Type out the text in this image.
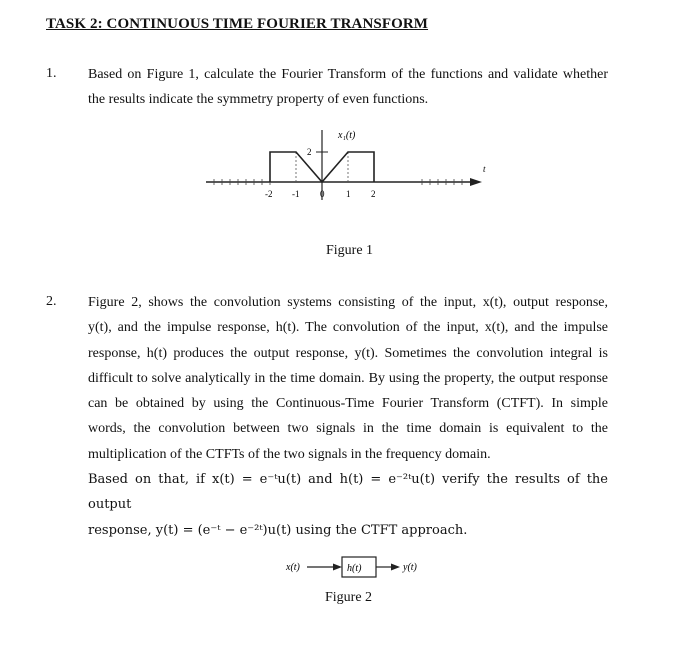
TASK 2: CONTINUOUS TIME FOURIER TRANSFORM
1. Based on Figure 1, calculate the Fourier Transform of the functions and validate whether
the results indicate the symmetry property of even functions.
x₁(t)
2
t
-2 -1 0 1 2
Figure 1
2. Figure 2, shows the convolution systems consisting of the input, x(t), output response,
y(t), and the impulse response, h(t). The convolution of the input, x(t), and the impulse
response, h(t) produces the output response, y(t). Sometimes the convolution integral is
difficult to solve analytically in the time domain. By using the property, the output response
can be obtained by using the Continuous-Time Fourier Transform (CTFT). In simple
words, the convolution between two signals in the time domain is equivalent to the
multiplication of the CTFTs of the two signals in the frequency domain.
Based on that, if x(t) = e⁻ᵗu(t) and h(t) = e⁻²ᵗu(t) verify the results of the output
response, y(t) = (e⁻ᵗ − e⁻²ᵗ)u(t) using the CTFT approach.
x(t)	h(t)	y(t)
Figure 2
